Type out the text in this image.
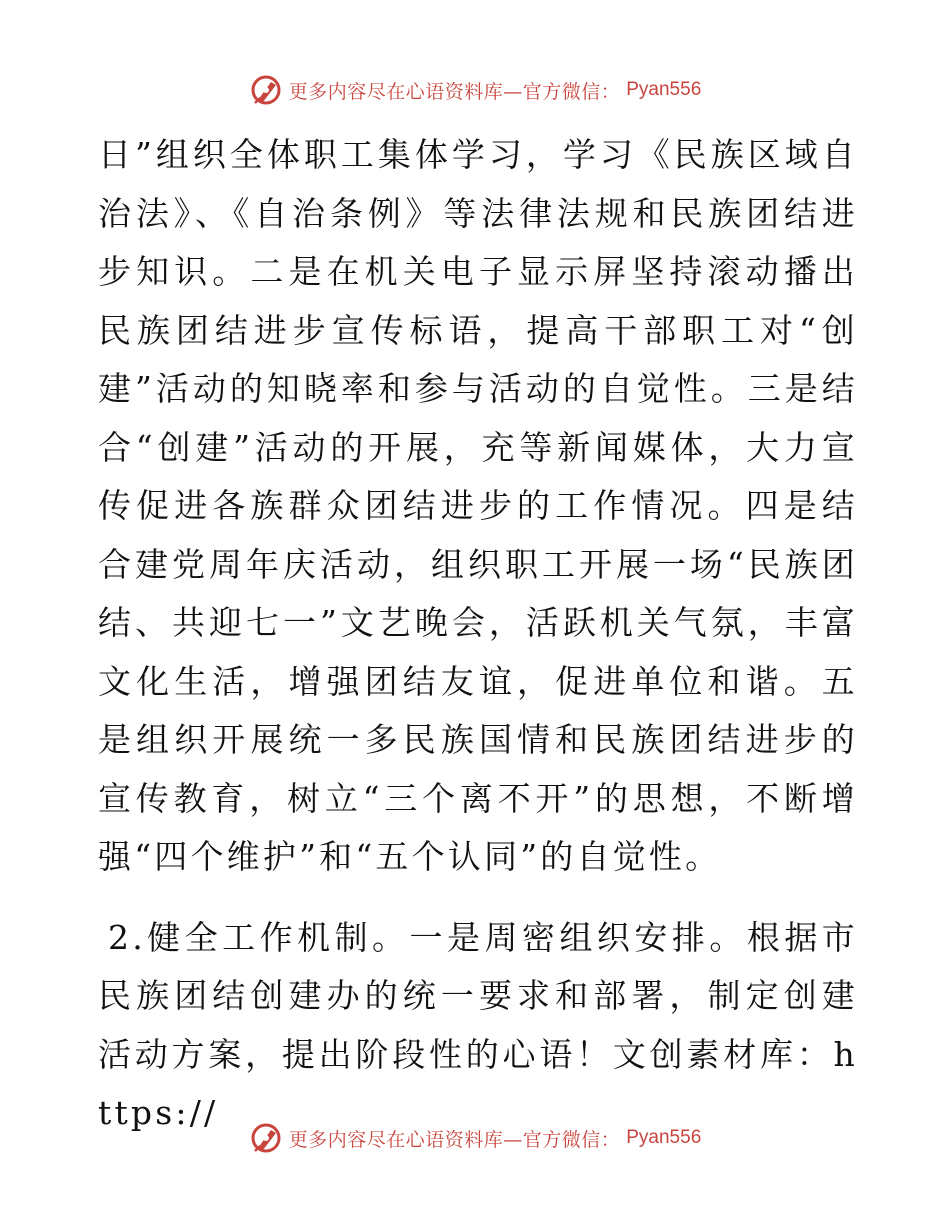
更多内容尽在心语资料库—官方微信： Pyan556

日”组织全体职工集体学习，学习《民族区域自治法》、《自治条例》等法律法规和民族团结进步知识。二是在机关电子显示屏坚持滚动播出民族团结进步宣传标语，提高干部职工对“创建”活动的知晓率和参与活动的自觉性。三是结合“创建”活动的开展，充等新闻媒体，大力宣传促进各族群众团结进步的工作情况。四是结合建党周年庆活动，组织职工开展一场“民族团结、共迎七一”文艺晚会，活跃机关气氛，丰富文化生活，增强团结友谊，促进单位和谐。五是组织开展统一多民族国情和民族团结进步的宣传教育，树立“三个离不开”的思想，不断增强“四个维护”和“五个认同”的自觉性。

2.健全工作机制。一是周密组织安排。根据市民族团结创建办的统一要求和部署，制定创建活动方案，提出阶段性的心语！文创素材库：https://

更多内容尽在心语资料库—官方微信： Pyan556
